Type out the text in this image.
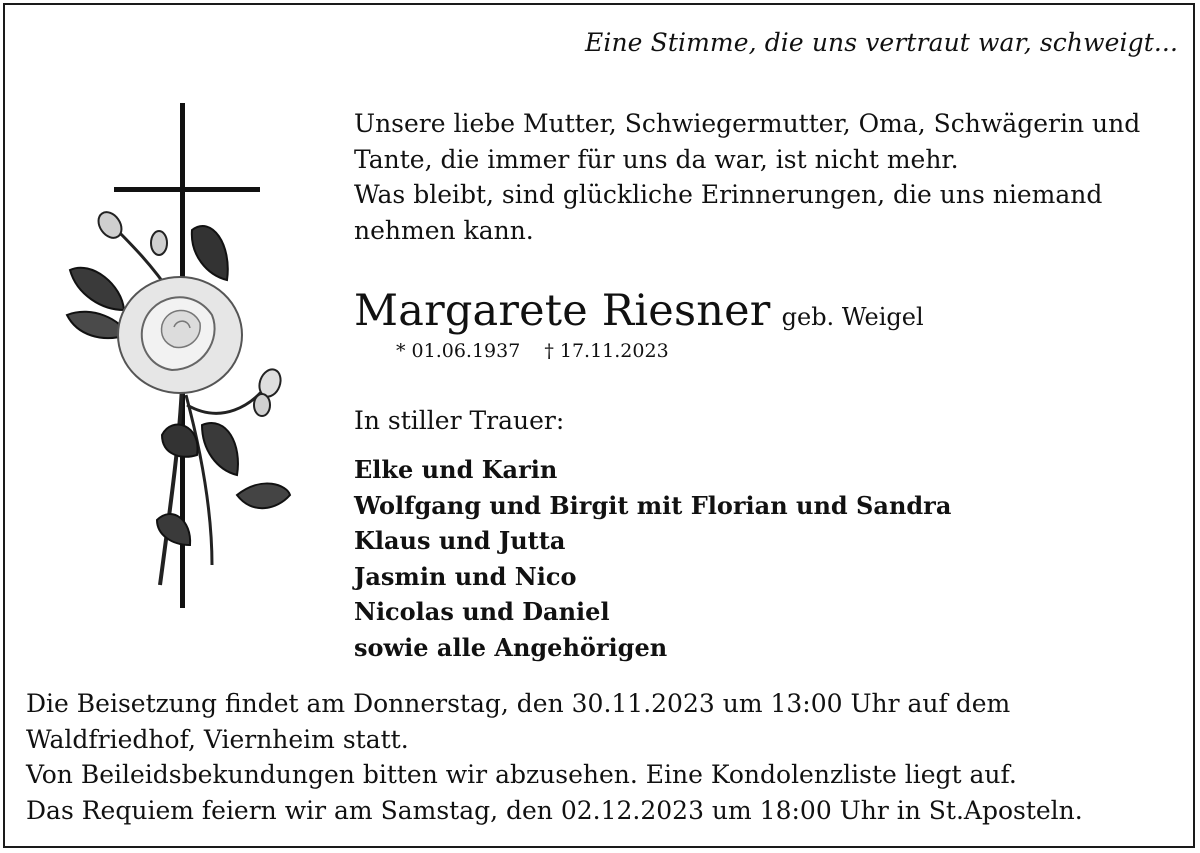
Eine Stimme, die uns vertraut war, schweigt...
Unsere liebe Mutter, Schwiegermutter, Oma, Schwägerin und
Tante, die immer für uns da war, ist nicht mehr.
Was bleibt, sind glückliche Erinnerungen, die uns niemand
nehmen kann.
Margarete Riesner geb. Weigel
* 01.06.1937 † 17.11.2023
In stiller Trauer:
Elke und Karin
Wolfgang und Birgit mit Florian und Sandra
Klaus und Jutta
Jasmin und Nico
Nicolas und Daniel
sowie alle Angehörigen
Die Beisetzung findet am Donnerstag, den 30.11.2023 um 13:00 Uhr auf dem
Waldfriedhof, Viernheim statt.
Von Beileidsbekundungen bitten wir abzusehen. Eine Kondolenzliste liegt auf.
Das Requiem feiern wir am Samstag, den 02.12.2023 um 18:00 Uhr in St.Aposteln.
